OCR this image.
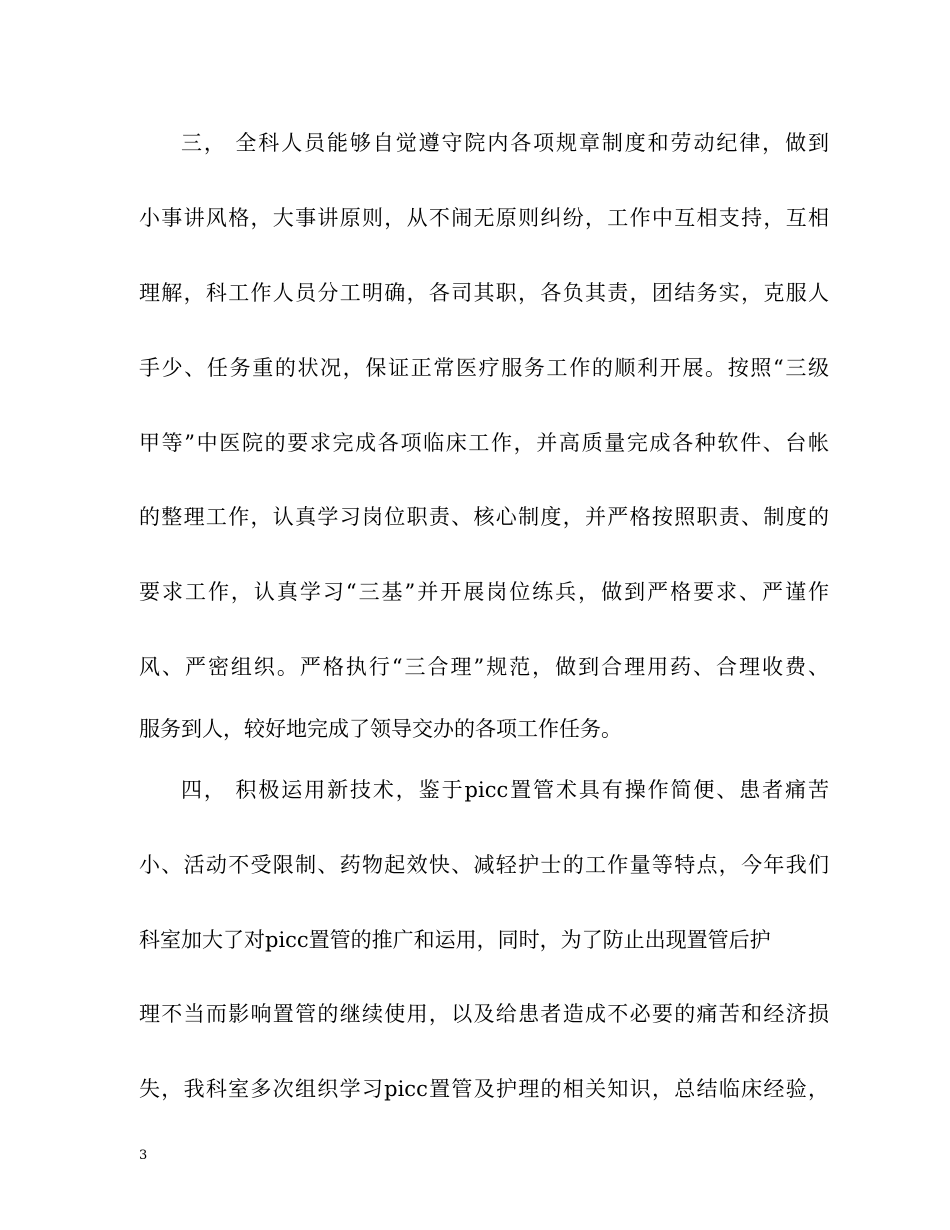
三， 全科人员能够自觉遵守院内各项规章制度和劳动纪律，做到
小事讲风格，大事讲原则，从不闹无原则纠纷，工作中互相支持，互相
理解，科工作人员分工明确，各司其职，各负其责，团结务实，克服人
手少、任务重的状况，保证正常医疗服务工作的顺利开展。按照“三级
甲等”中医院的要求完成各项临床工作，并高质量完成各种软件、台帐
的整理工作，认真学习岗位职责、核心制度，并严格按照职责、制度的
要求工作，认真学习“三基”并开展岗位练兵，做到严格要求、严谨作
风、严密组织。严格执行“三合理”规范，做到合理用药、合理收费、
服务到人，较好地完成了领导交办的各项工作任务。
四， 积极运用新技术，鉴于picc置管术具有操作简便、患者痛苦
小、活动不受限制、药物起效快、减轻护士的工作量等特点，今年我们
科室加大了对picc置管的推广和运用，同时，为了防止出现置管后护
理不当而影响置管的继续使用，以及给患者造成不必要的痛苦和经济损
失，我科室多次组织学习picc置管及护理的相关知识，总结临床经验，
3
